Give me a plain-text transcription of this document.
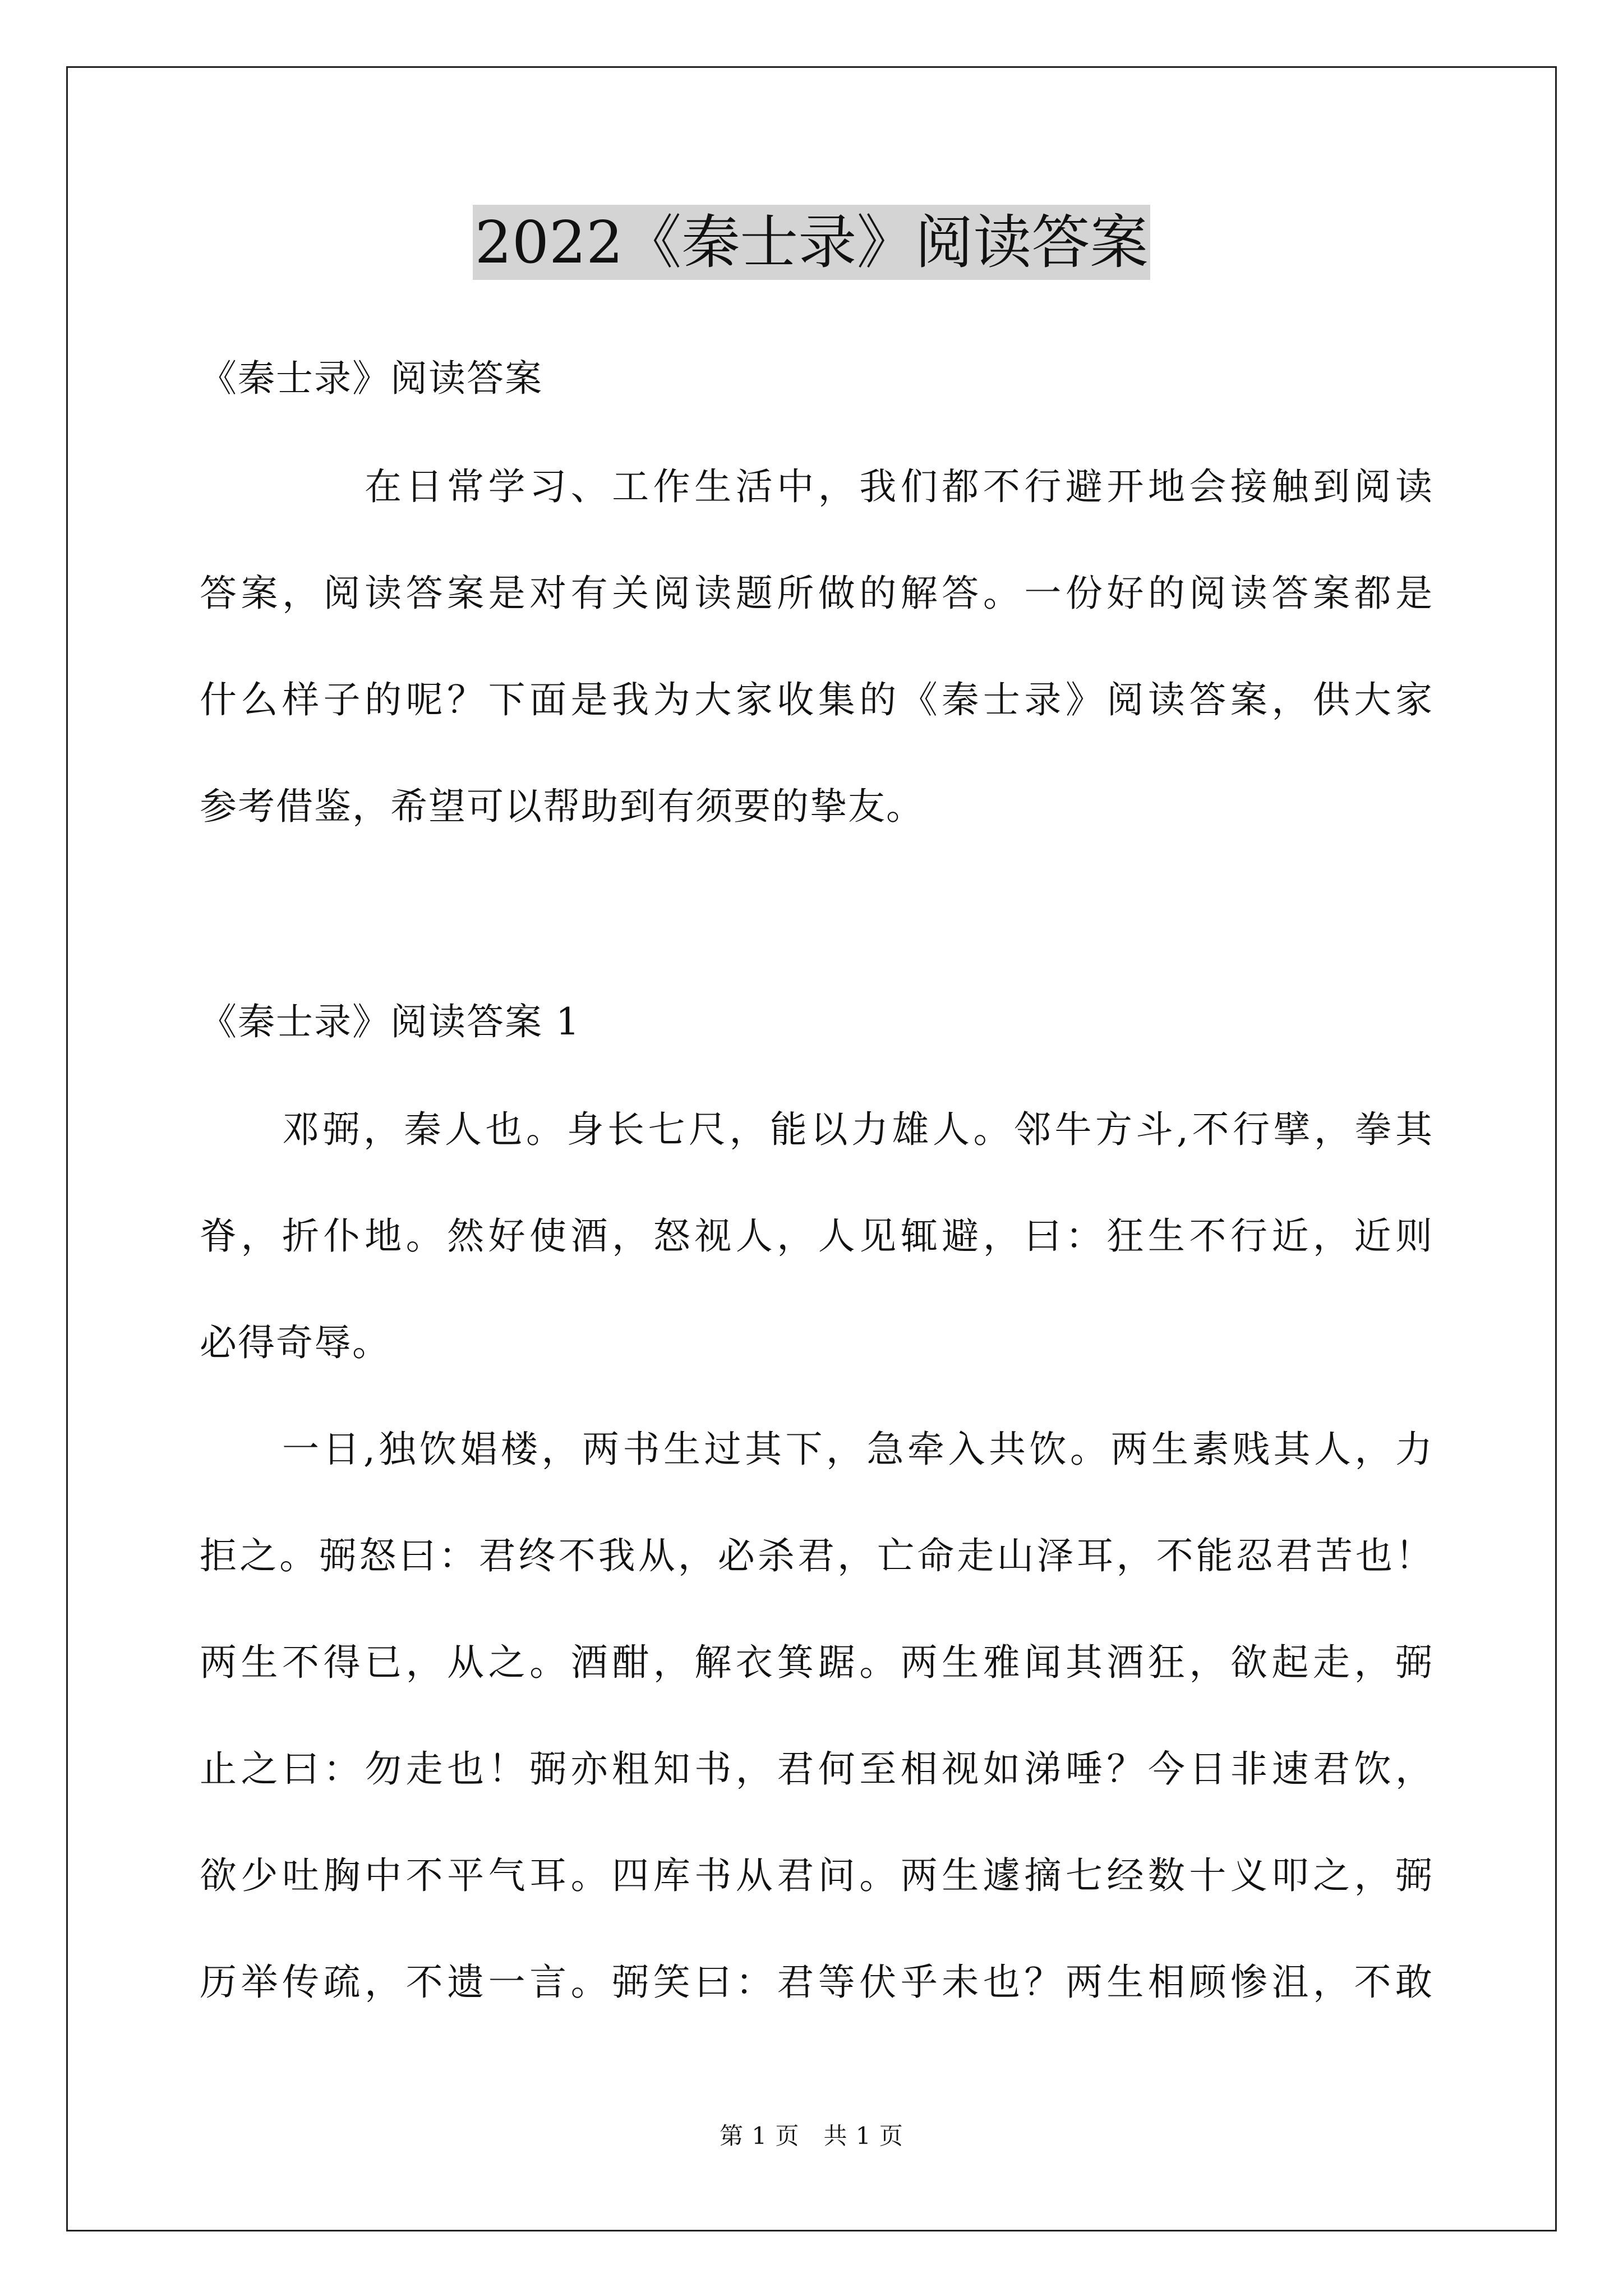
2022《秦士录》阅读答案
《秦士录》阅读答案
在日常学习、工作生活中，我们都不行避开地会接触到阅读
答案，阅读答案是对有关阅读题所做的解答。一份好的阅读答案都是
什么样子的呢？下面是我为大家收集的《秦士录》阅读答案，供大家
参考借鉴，希望可以帮助到有须要的挚友。
《秦士录》阅读答案 1
邓弼，秦人也。身长七尺，能以力雄人。邻牛方斗,不行擘，拳其
脊，折仆地。然好使酒，怒视人，人见辄避，曰：狂生不行近，近则
必得奇辱。
一日,独饮娼楼，两书生过其下，急牵入共饮。两生素贱其人，力
拒之。弼怒曰：君终不我从，必杀君，亡命走山泽耳，不能忍君苦也！
两生不得已，从之。酒酣，解衣箕踞。两生雅闻其酒狂，欲起走，弼
止之曰：勿走也！弼亦粗知书，君何至相视如涕唾？今日非速君饮，
欲少吐胸中不平气耳。四库书从君问。两生遽摘七经数十义叩之，弼
历举传疏，不遗一言。弼笑曰：君等伏乎未也？两生相顾惨沮，不敢
第 1 页　共 1 页
